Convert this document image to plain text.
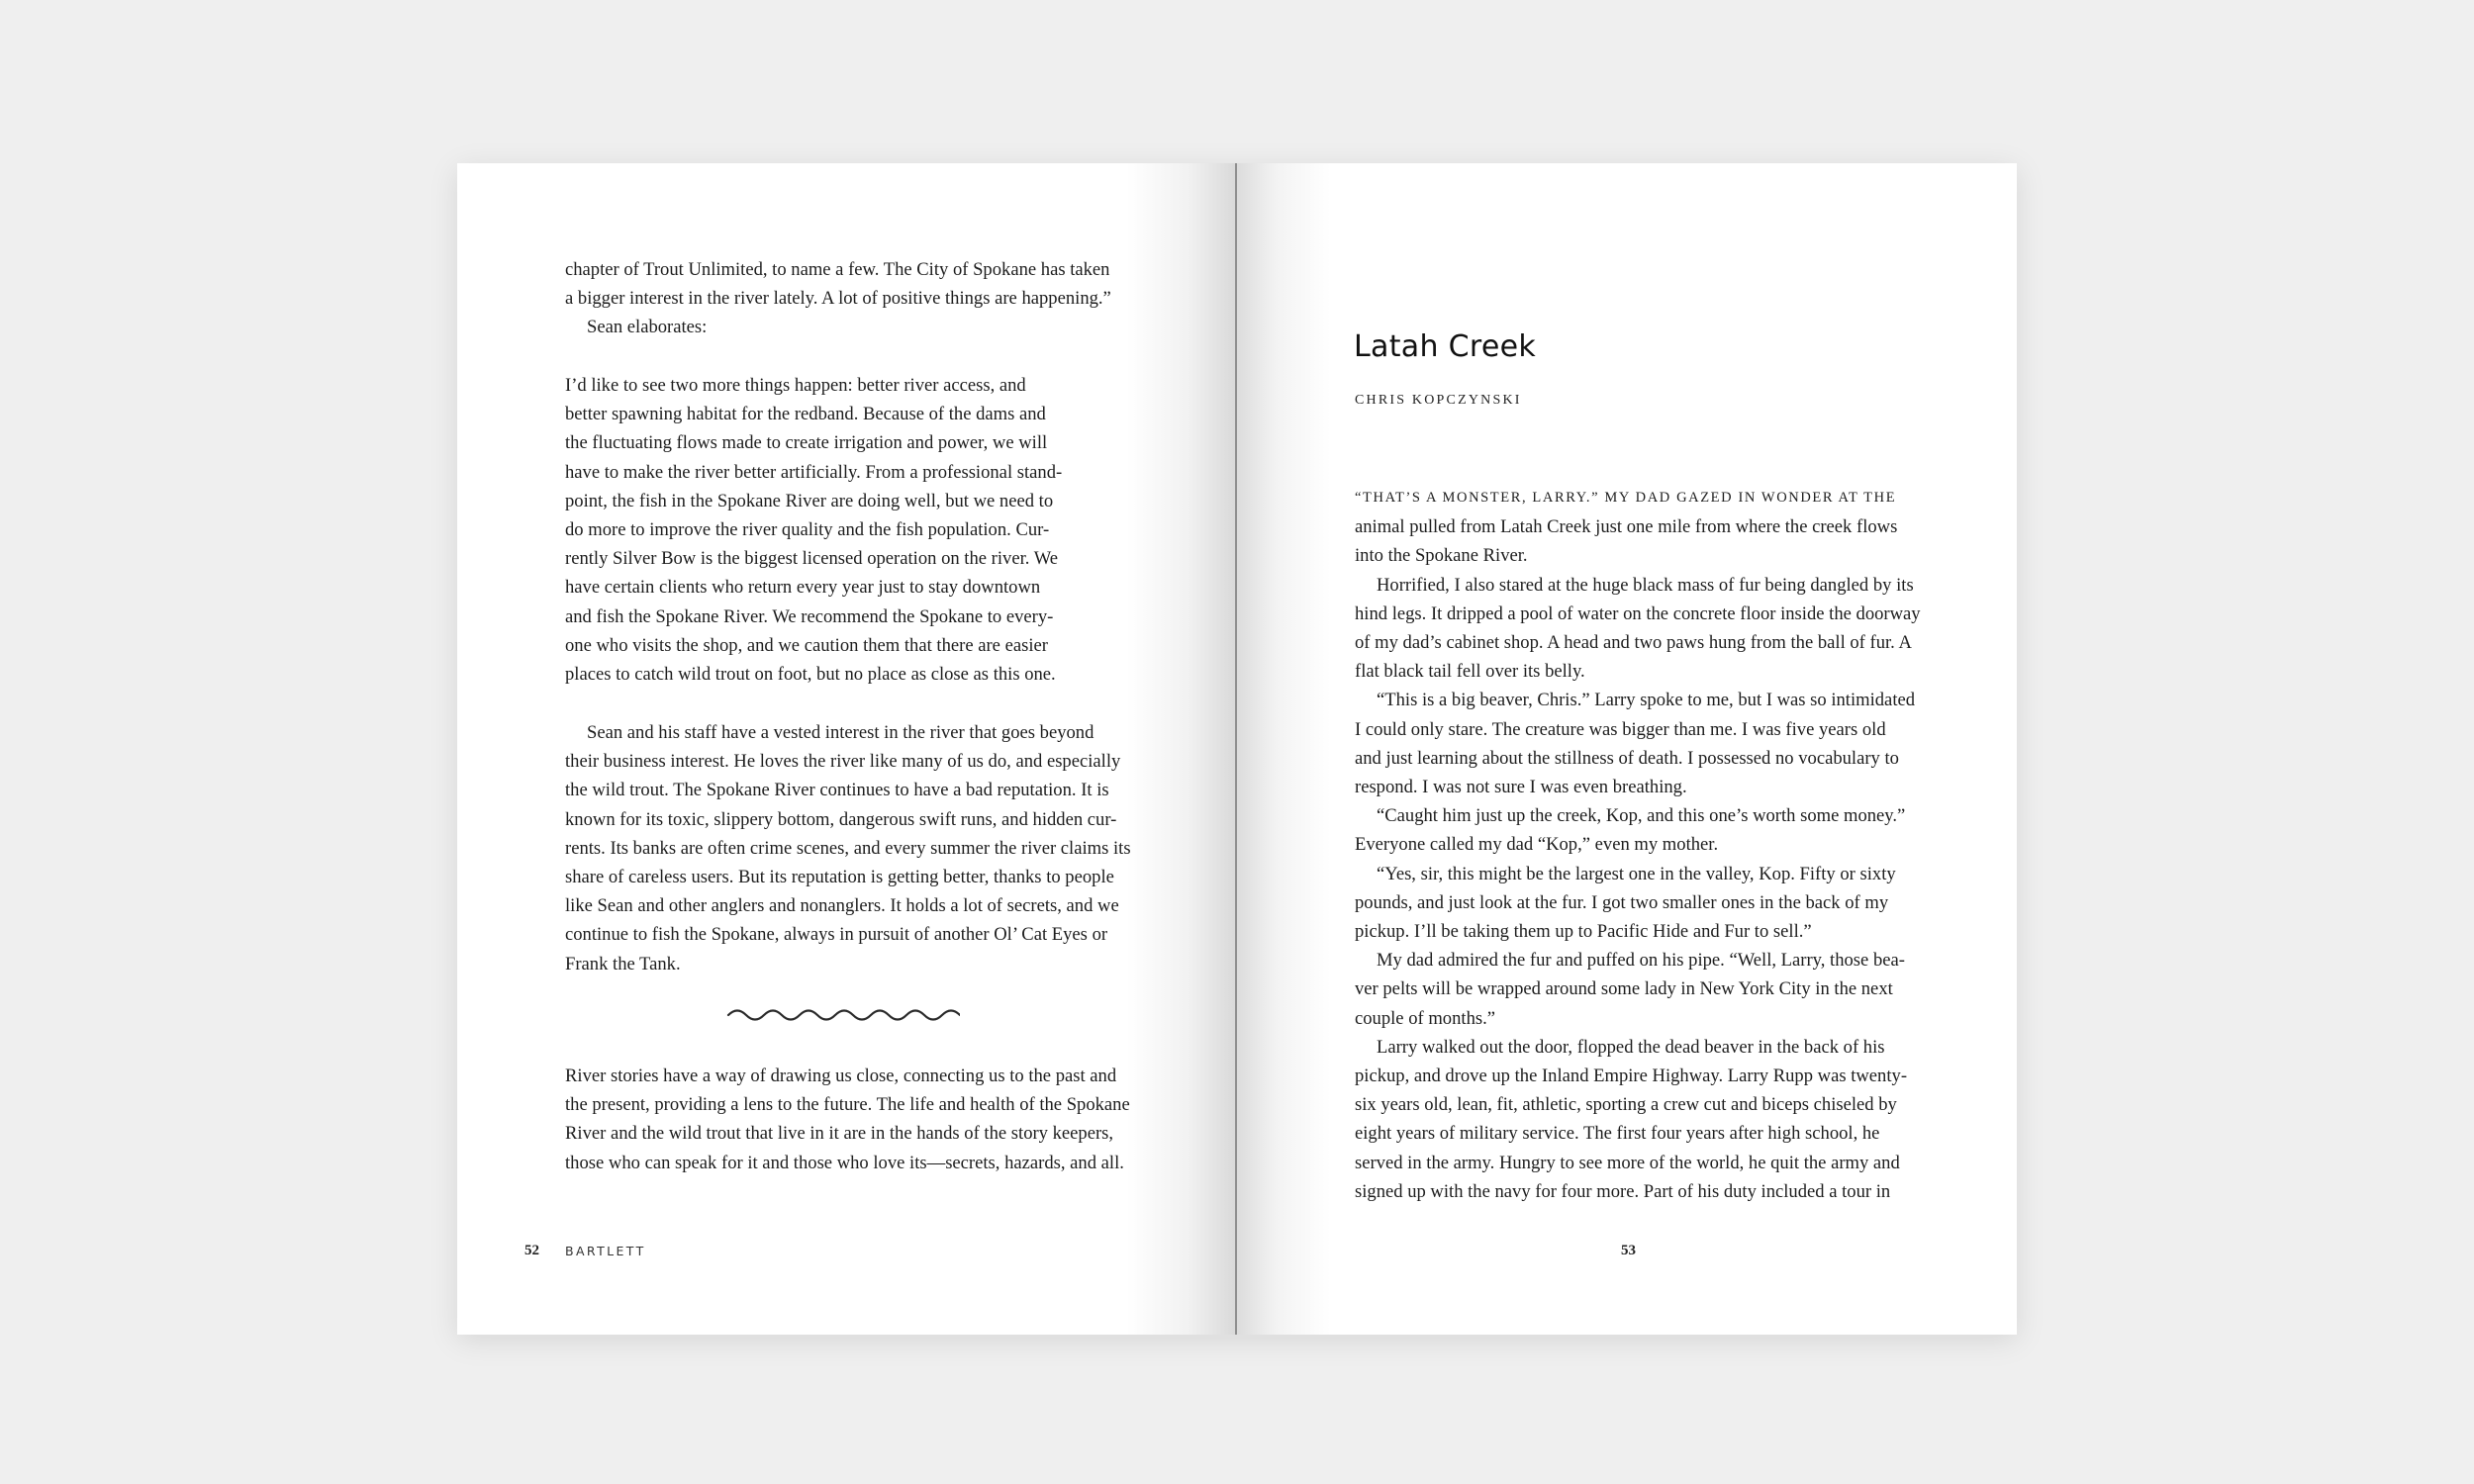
chapter of Trout Unlimited, to name a few. The City of Spokane has taken
a bigger interest in the river lately. A lot of positive things are happening.”
Sean elaborates:
I’d like to see two more things happen: better river access, and
better spawning habitat for the redband. Because of the dams and
the fluctuating flows made to create irrigation and power, we will
have to make the river better artificially. From a professional stand-
point, the fish in the Spokane River are doing well, but we need to
do more to improve the river quality and the fish population. Cur-
rently Silver Bow is the biggest licensed operation on the river. We
have certain clients who return every year just to stay downtown
and fish the Spokane River. We recommend the Spokane to every-
one who visits the shop, and we caution them that there are easier
places to catch wild trout on foot, but no place as close as this one.
Sean and his staff have a vested interest in the river that goes beyond
their business interest. He loves the river like many of us do, and especially
the wild trout. The Spokane River continues to have a bad reputation. It is
known for its toxic, slippery bottom, dangerous swift runs, and hidden cur-
rents. Its banks are often crime scenes, and every summer the river claims its
share of careless users. But its reputation is getting better, thanks to people
like Sean and other anglers and nonanglers. It holds a lot of secrets, and we
continue to fish the Spokane, always in pursuit of another Ol’ Cat Eyes or
Frank the Tank.
River stories have a way of drawing us close, connecting us to the past and
the present, providing a lens to the future. The life and health of the Spokane
River and the wild trout that live in it are in the hands of the story keepers,
those who can speak for it and those who love its—secrets, hazards, and all.
52 BARTLETT
Latah Creek
CHRIS KOPCZYNSKI
“THAT’S A MONSTER, LARRY.” MY DAD GAZED IN WONDER AT THE
animal pulled from Latah Creek just one mile from where the creek flows
into the Spokane River.
Horrified, I also stared at the huge black mass of fur being dangled by its
hind legs. It dripped a pool of water on the concrete floor inside the doorway
of my dad’s cabinet shop. A head and two paws hung from the ball of fur. A
flat black tail fell over its belly.
“This is a big beaver, Chris.” Larry spoke to me, but I was so intimidated
I could only stare. The creature was bigger than me. I was five years old
and just learning about the stillness of death. I possessed no vocabulary to
respond. I was not sure I was even breathing.
“Caught him just up the creek, Kop, and this one’s worth some money.”
Everyone called my dad “Kop,” even my mother.
“Yes, sir, this might be the largest one in the valley, Kop. Fifty or sixty
pounds, and just look at the fur. I got two smaller ones in the back of my
pickup. I’ll be taking them up to Pacific Hide and Fur to sell.”
My dad admired the fur and puffed on his pipe. “Well, Larry, those bea-
ver pelts will be wrapped around some lady in New York City in the next
couple of months.”
Larry walked out the door, flopped the dead beaver in the back of his
pickup, and drove up the Inland Empire Highway. Larry Rupp was twenty-
six years old, lean, fit, athletic, sporting a crew cut and biceps chiseled by
eight years of military service. The first four years after high school, he
served in the army. Hungry to see more of the world, he quit the army and
signed up with the navy for four more. Part of his duty included a tour in
53
